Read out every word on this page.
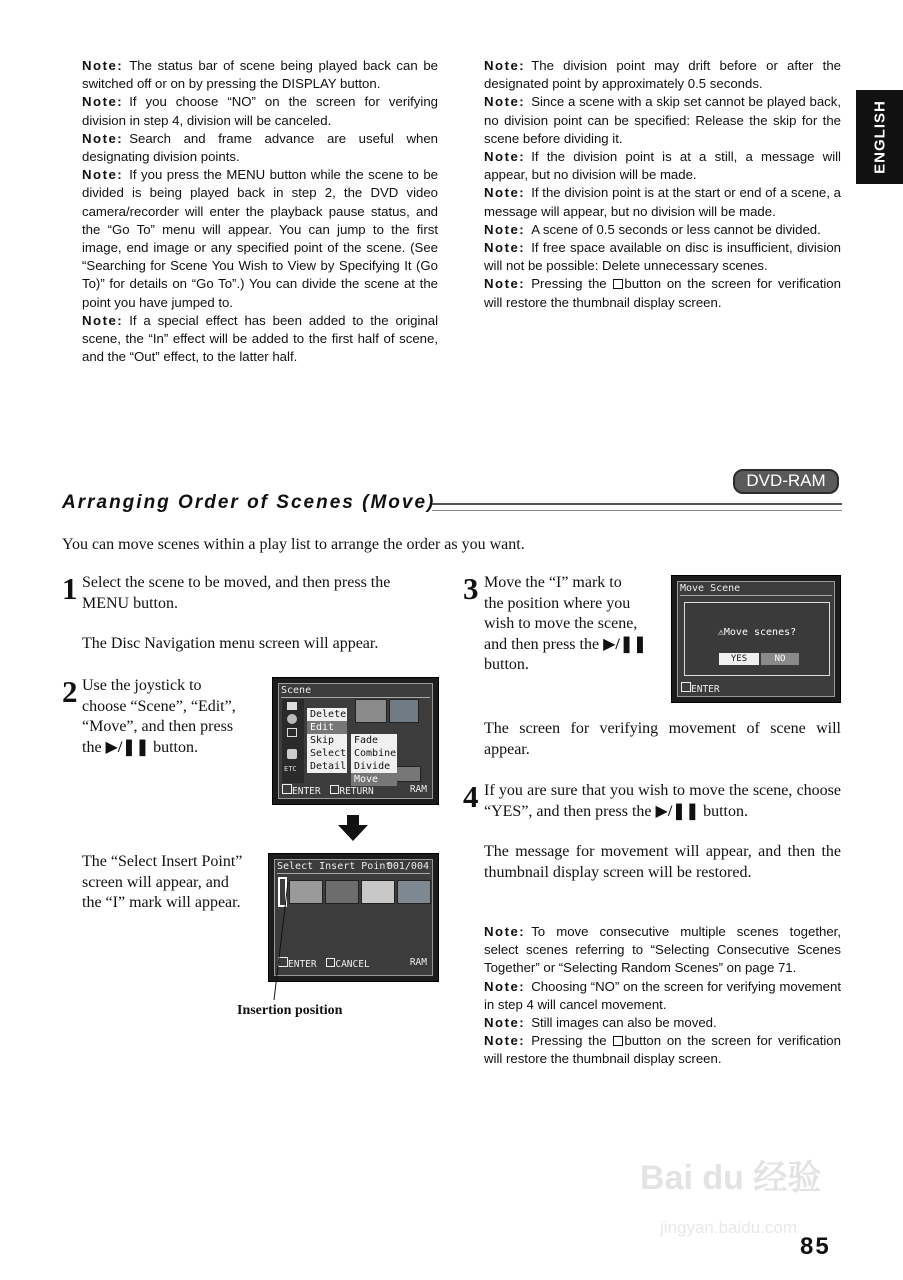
ENGLISH

Note: The status bar of scene being played back can be switched off or on by pressing the DISPLAY button.

Note: If you choose “NO” on the screen for verifying division in step 4, division will be canceled.

Note: Search and frame advance are useful when designating division points.

Note: If you press the MENU button while the scene to be divided is being played back in step 2, the DVD video camera/recorder will enter the playback pause status, and the “Go To” menu will appear. You can jump to the first image, end image or any specified point of the scene. (See “Searching for Scene You Wish to View by Specifying It (Go To)” for details on “Go To”.) You can divide the scene at the point you have jumped to.

Note: If a special effect has been added to the original scene, the “In” effect will be added to the first half of scene, and the “Out” effect, to the latter half.

Note: The division point may drift before or after the designated point by approximately 0.5 seconds.

Note: Since a scene with a skip set cannot be played back, no division point can be specified: Release the skip for the scene before dividing it.

Note: If the division point is at a still, a message will appear, but no division will be made.

Note: If the division point is at the start or end of a scene, a message will appear, but no division will be made.

Note: A scene of 0.5 seconds or less cannot be divided.

Note: If free space available on disc is insufficient, division will not be possible: Delete unnecessary scenes.

Note: Pressing the button on the screen for verification will restore the thumbnail display screen.

DVD-RAM
Arranging Order of Scenes (Move)
You can move scenes within a play list to arrange the order as you want.
1 Select the scene to be moved, and then press the MENU button.

The Disc Navigation menu screen will appear.

2 Use the joystick to

choose “Scene”, “Edit”,

“Move”, and then press

the ▶/❚❚ button.

Scene
ETC
Delete
Edit
Skip
Select
Detail
Fade
Combine
Divide
Move
ENTER RETURN	RAM

The “Select Insert Point”

screen will appear, and

the “I” mark will appear.

Select Insert Point
001/004
ENTER CANCEL	RAM
Insertion position
3 Move the “I” mark to

the position where you

wish to move the scene,

and then press the ▶/❚❚

button.

Move Scene
⚠Move scenes?
YES	NO
ENTER
The screen for verifying movement of scene will appear.
4 If you are sure that you wish to move the scene, choose “YES”, and then press the ▶/❚❚ button.

The message for movement will appear, and then the thumbnail display screen will be restored.

Note: To move consecutive multiple scenes together, select scenes referring to “Selecting Consecutive Scenes Together” or “Selecting Random Scenes” on page 71.

Note: Choosing “NO” on the screen for verifying movement in step 4 will cancel movement.

Note: Still images can also be moved.

Note: Pressing the button on the screen for verification will restore the thumbnail display screen.

Bai du 经验
jingyan.baidu.com
85
